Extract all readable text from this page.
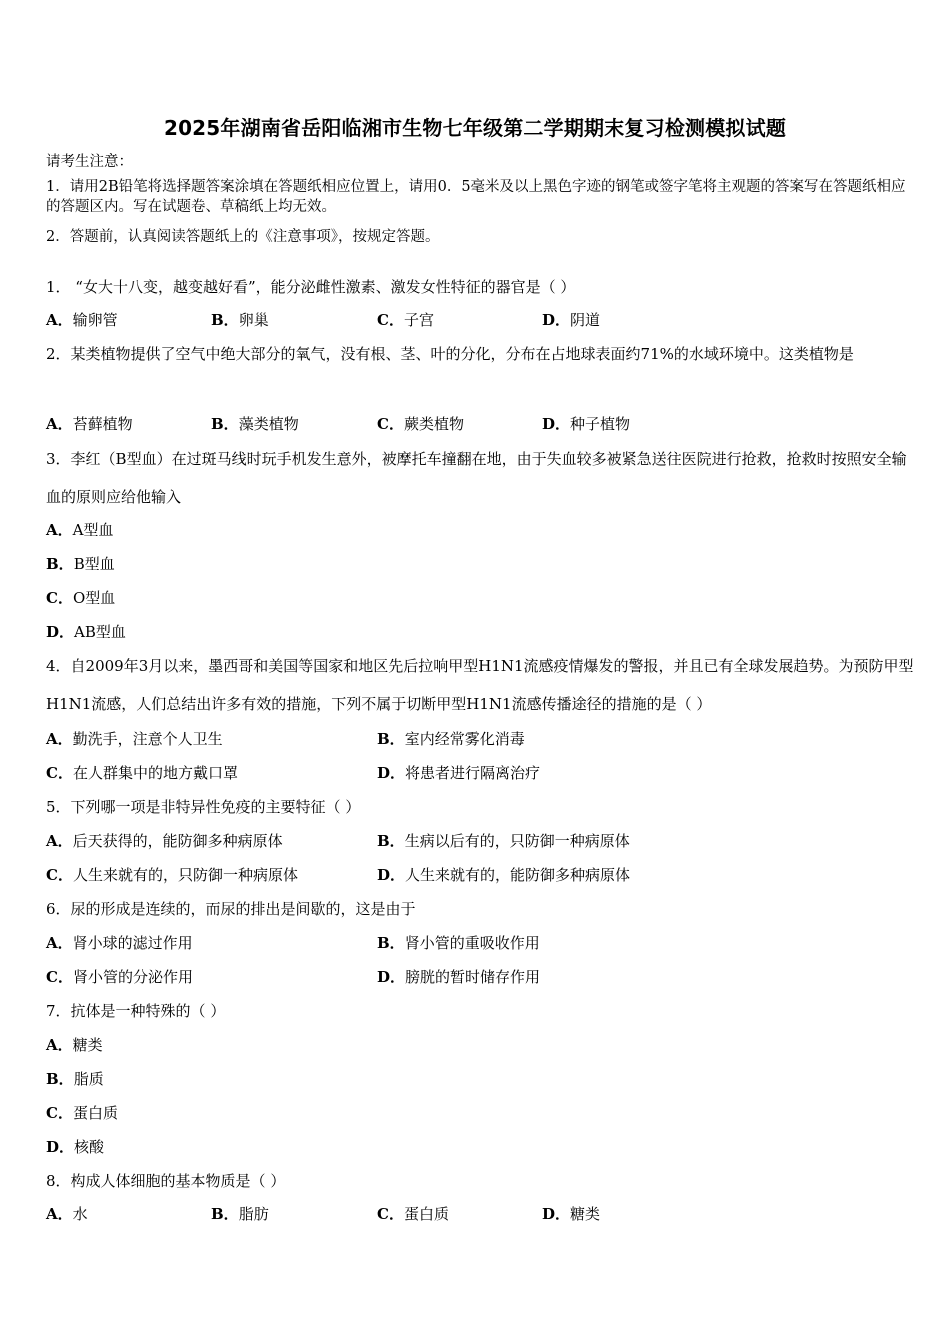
2025年湖南省岳阳临湘市生物七年级第二学期期末复习检测模拟试题
请考生注意：
1．请用2B铅笔将选择题答案涂填在答题纸相应位置上，请用0．5毫米及以上黑色字迹的钢笔或签字笔将主观题的答案写在答题纸相应的答题区内。写在试题卷、草稿纸上均无效。
2．答题前，认真阅读答题纸上的《注意事项》，按规定答题。
1． “女大十八变，越变越好看”，能分泌雌性激素、激发女性特征的器官是（ ）
A．输卵管	B．卵巢	C．子宫	D．阴道
2．某类植物提供了空气中绝大部分的氧气，没有根、茎、叶的分化，分布在占地球表面约71%的水域环境中。这类植物是
A．苔藓植物	B．藻类植物	C．蕨类植物	D．种子植物
3．李红（B型血）在过斑马线时玩手机发生意外，被摩托车撞翻在地，由于失血较多被紧急送往医院进行抢救，抢救时按照安全输血的原则应给他输入
A．A型血
B．B型血
C．O型血
D．AB型血
4．自2009年3月以来，墨西哥和美国等国家和地区先后拉响甲型H1N1流感疫情爆发的警报，并且已有全球发展趋势。为预防甲型H1N1流感，人们总结出许多有效的措施，下列不属于切断甲型H1N1流感传播途径的措施的是（ ）
A．勤洗手，注意个人卫生	B．室内经常雾化消毒
C．在人群集中的地方戴口罩	D．将患者进行隔离治疗
5．下列哪一项是非特异性免疫的主要特征（ ）
A．后天获得的，能防御多种病原体	B．生病以后有的，只防御一种病原体
C．人生来就有的，只防御一种病原体	D．人生来就有的，能防御多种病原体
6．尿的形成是连续的，而尿的排出是间歇的，这是由于
A．肾小球的滤过作用	B．肾小管的重吸收作用
C．肾小管的分泌作用	D．膀胱的暂时储存作用
7．抗体是一种特殊的（ ）
A．糖类
B．脂质
C．蛋白质
D．核酸
8．构成人体细胞的基本物质是（ ）
A．水	B．脂肪	C．蛋白质	D．糖类
